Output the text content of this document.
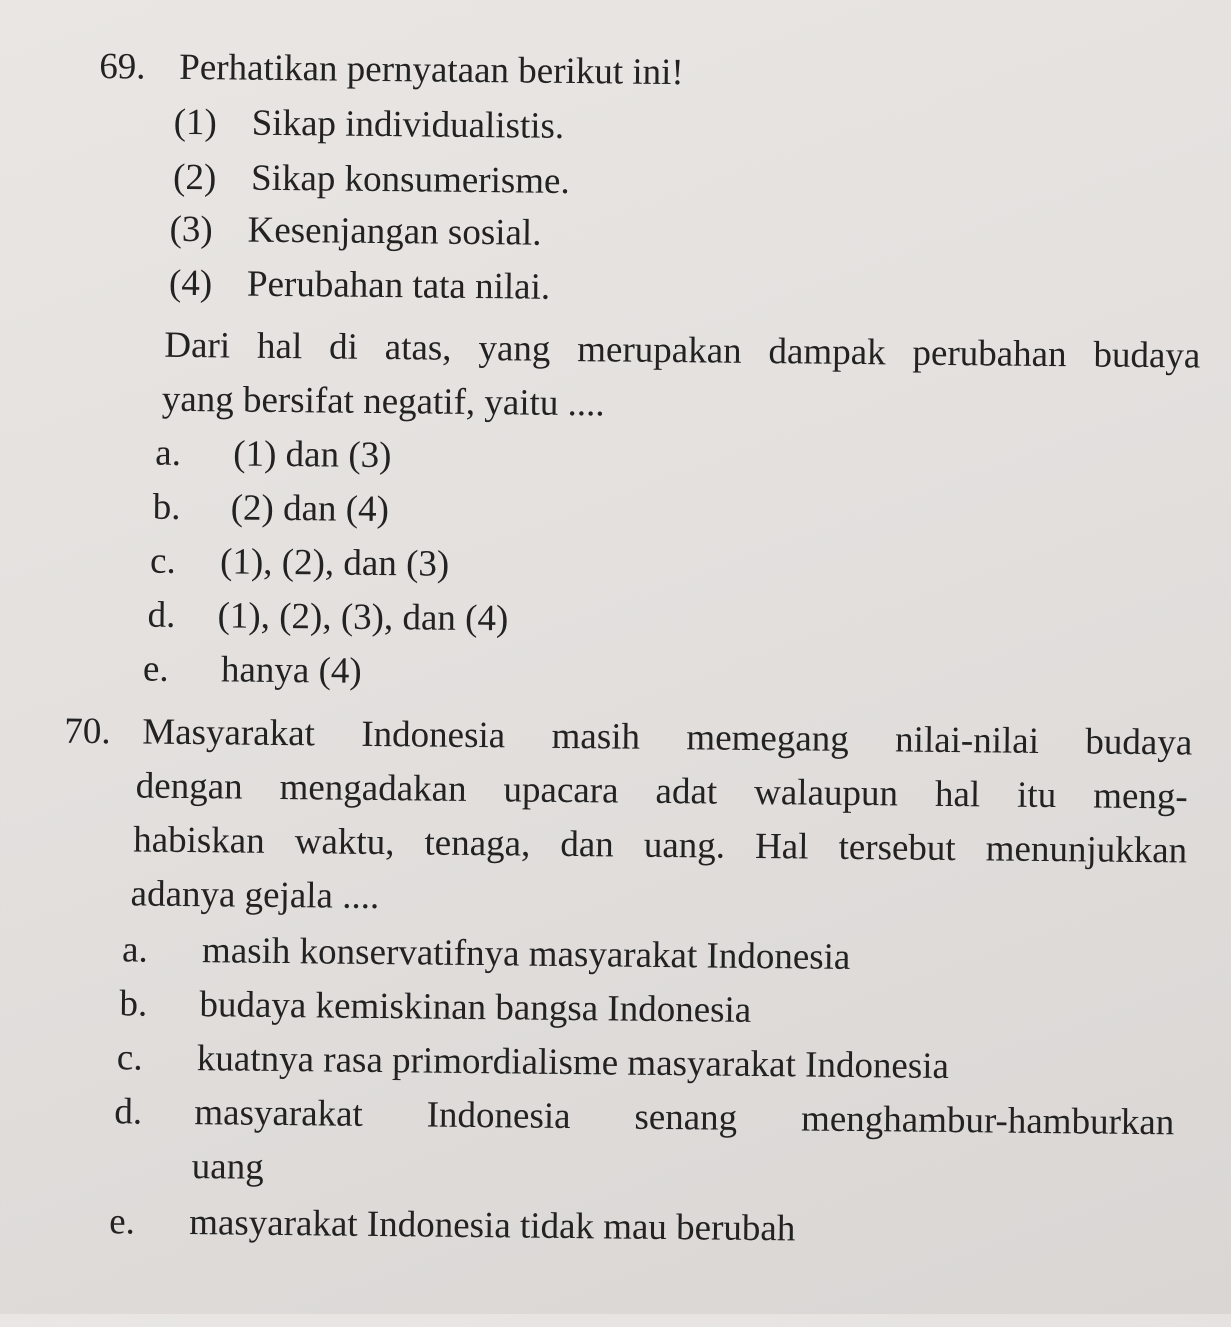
69. Perhatikan pernyataan berikut ini!
(1) Sikap individualistis.
(2) Sikap konsumerisme.
(3) Kesenjangan sosial.
(4) Perubahan tata nilai.
Dari hal di atas, yang merupakan dampak perubahan budaya
yang bersifat negatif, yaitu ....
a. (1) dan (3)
b. (2) dan (4)
c. (1), (2), dan (3)
d. (1), (2), (3), dan (4)
e. hanya (4)
70. Masyarakat Indonesia masih memegang nilai-nilai budaya
dengan mengadakan upacara adat walaupun hal itu meng-
habiskan waktu, tenaga, dan uang. Hal tersebut menunjukkan
adanya gejala ....
a. masih konservatifnya masyarakat Indonesia
b. budaya kemiskinan bangsa Indonesia
c. kuatnya rasa primordialisme masyarakat Indonesia
d.	masyarakat Indonesia senang menghambur-hamburkan
uang
e. masyarakat Indonesia tidak mau berubah
